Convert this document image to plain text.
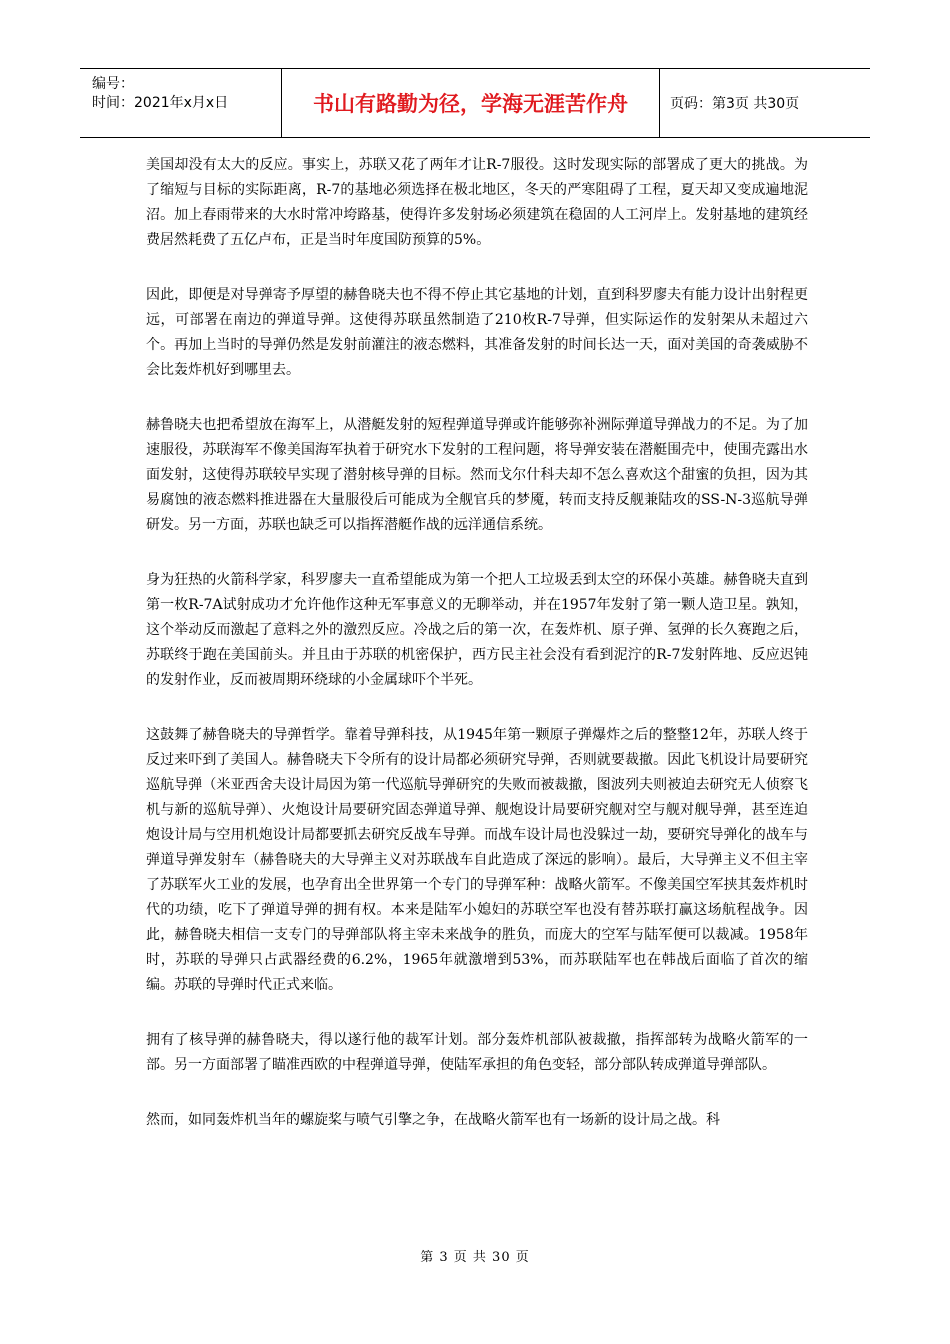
编号：
时间：2021年x月x日	书山有路勤为径，学海无涯苦作舟	页码：第3页 共30页

美国却没有太大的反应。事实上，苏联又花了两年才让R-7服役。这时发现实际的部署成了更大的挑战。为了缩短与目标的实际距离，R-7的基地必须选择在极北地区，冬天的严寒阻碍了工程，夏天却又变成遍地泥沼。加上春雨带来的大水时常冲垮路基，使得许多发射场必须建筑在稳固的人工河岸上。发射基地的建筑经费居然耗费了五亿卢布，正是当时年度国防预算的5%。

因此，即便是对导弹寄予厚望的赫鲁晓夫也不得不停止其它基地的计划，直到科罗廖夫有能力设计出射程更远，可部署在南边的弹道导弹。这使得苏联虽然制造了210枚R-7导弹，但实际运作的发射架从未超过六个。再加上当时的导弹仍然是发射前灌注的液态燃料，其准备发射的时间长达一天，面对美国的奇袭威胁不会比轰炸机好到哪里去。

赫鲁晓夫也把希望放在海军上，从潜艇发射的短程弹道导弹或许能够弥补洲际弹道导弹战力的不足。为了加速服役，苏联海军不像美国海军执着于研究水下发射的工程问题，将导弹安装在潜艇围壳中，使围壳露出水面发射，这使得苏联较早实现了潜射核导弹的目标。然而戈尔什科夫却不怎么喜欢这个甜蜜的负担，因为其易腐蚀的液态燃料推进器在大量服役后可能成为全舰官兵的梦魇，转而支持反舰兼陆攻的SS-N-3巡航导弹研发。另一方面，苏联也缺乏可以指挥潜艇作战的远洋通信系统。

身为狂热的火箭科学家，科罗廖夫一直希望能成为第一个把人工垃圾丢到太空的环保小英雄。赫鲁晓夫直到第一枚R-7A试射成功才允许他作这种无军事意义的无聊举动，并在1957年发射了第一颗人造卫星。孰知，这个举动反而激起了意料之外的激烈反应。冷战之后的第一次，在轰炸机、原子弹、氢弹的长久赛跑之后，苏联终于跑在美国前头。并且由于苏联的机密保护，西方民主社会没有看到泥泞的R-7发射阵地、反应迟钝的发射作业，反而被周期环绕球的小金属球吓个半死。

这鼓舞了赫鲁晓夫的导弹哲学。靠着导弹科技，从1945年第一颗原子弹爆炸之后的整整12年，苏联人终于反过来吓到了美国人。赫鲁晓夫下令所有的设计局都必须研究导弹，否则就要裁撤。因此飞机设计局要研究巡航导弹（米亚西舍夫设计局因为第一代巡航导弹研究的失败而被裁撤，图波列夫则被迫去研究无人侦察飞机与新的巡航导弹）、火炮设计局要研究固态弹道导弹、舰炮设计局要研究舰对空与舰对舰导弹，甚至连迫炮设计局与空用机炮设计局都要抓去研究反战车导弹。而战车设计局也没躲过一劫，要研究导弹化的战车与弹道导弹发射车（赫鲁晓夫的大导弹主义对苏联战车自此造成了深远的影响）。最后，大导弹主义不但主宰了苏联军火工业的发展，也孕育出全世界第一个专门的导弹军种：战略火箭军。不像美国空军挟其轰炸机时代的功绩，吃下了弹道导弹的拥有权。本来是陆军小媳妇的苏联空军也没有替苏联打赢这场航程战争。因此，赫鲁晓夫相信一支专门的导弹部队将主宰未来战争的胜负，而庞大的空军与陆军便可以裁减。1958年时，苏联的导弹只占武器经费的6.2%，1965年就激增到53%，而苏联陆军也在韩战后面临了首次的缩编。苏联的导弹时代正式来临。

拥有了核导弹的赫鲁晓夫，得以遂行他的裁军计划。部分轰炸机部队被裁撤，指挥部转为战略火箭军的一部。另一方面部署了瞄准西欧的中程弹道导弹，使陆军承担的角色变轻，部分部队转成弹道导弹部队。

然而，如同轰炸机当年的螺旋桨与喷气引擎之争，在战略火箭军也有一场新的设计局之战。科

第 3 页 共 30 页
